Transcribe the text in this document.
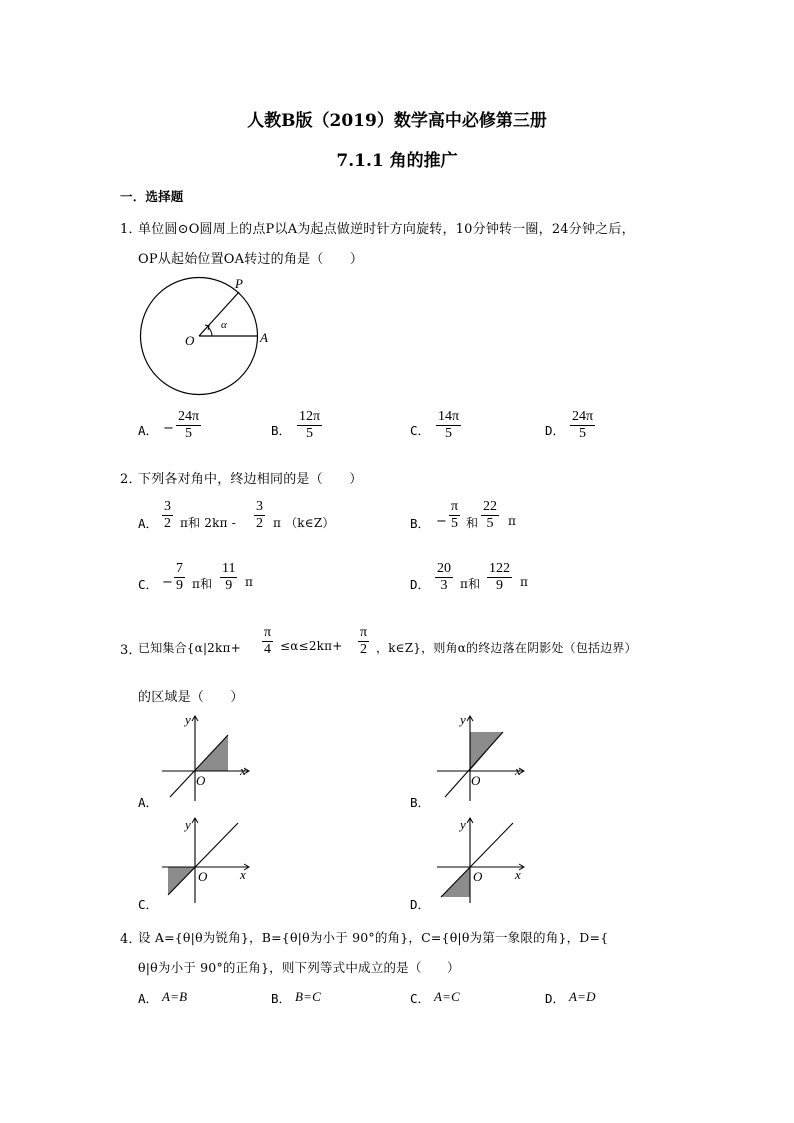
人教B版（2019）数学高中必修第三册
7.1.1 角的推广
一．选择题
1．
单位圆⊙O圆周上的点P以A为起点做逆时针方向旋转，10分钟转一圈，24分钟之后，
OP从起始位置OA转过的角是（　　）
P
O	A
α
A． − $\frac{24\pi}{5}$	B． $\frac{12\pi}{5}$	C． $\frac{14\pi}{5}$	D． $\frac{24\pi}{5}$
2．
下列各对角中，终边相同的是（　　）
A． $\frac{3}{2}$ π和 $2k\pi - \frac{3}{2}$ π （k∈Z）	B． − $\frac{\pi}{5}$ 和 $\frac{22}{5}$ π
C． − $\frac{7}{9}$ π和 $\frac{11}{9}$ π	D． $\frac{20}{3}$ π和 $\frac{122}{9}$ π
3．
已知集合{$\alpha|2k\pi+ \frac{\pi}{4} \le\alpha\le 2k\pi+ \frac{\pi}{2}$ ，k∈Z}，则角α的终边落在阴影处（包括边界）
的区域是（　　）
x
y
O
A．
x
y
O
B．
x
y
O
C．
x
y
O
D．
4．
设 A={θ|θ为锐角}，B={θ|θ为小于 90°的角}，C={θ|θ为第一象限的角}，D={
θ|θ为小于 90°的正角}，则下列等式中成立的是（　　）
A． A=B	B． B=C	C． A=C	D． A=D
